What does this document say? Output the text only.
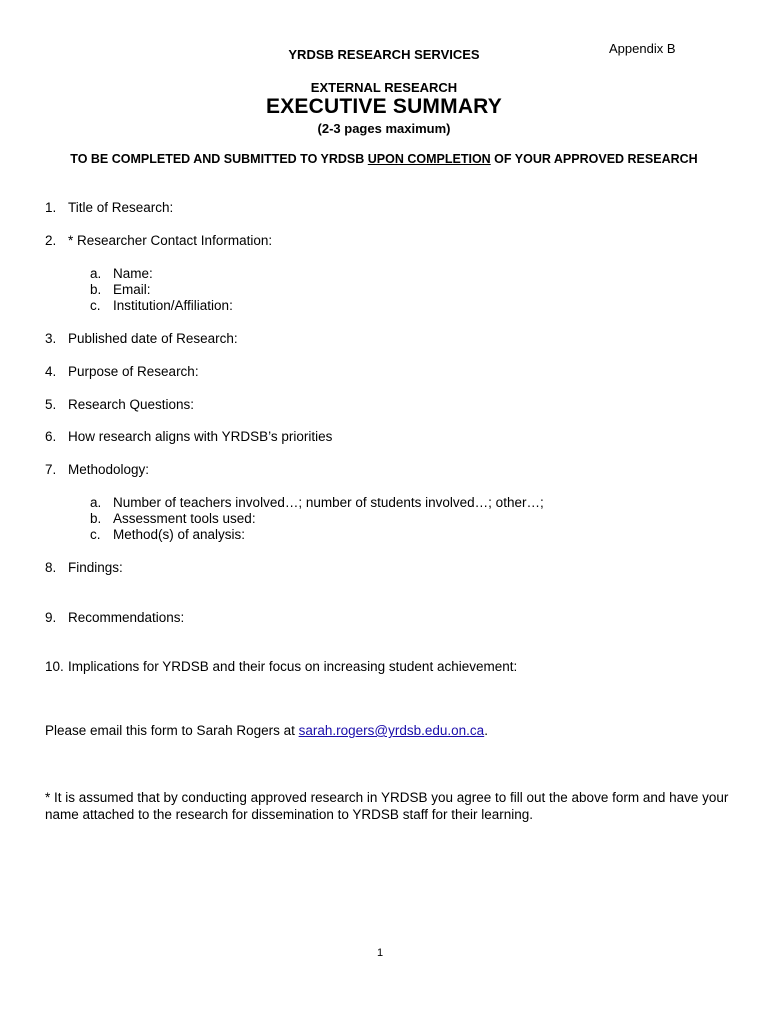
Appendix B
YRDSB RESEARCH SERVICES
EXTERNAL RESEARCH
EXECUTIVE SUMMARY
(2-3 pages maximum)
TO BE COMPLETED AND SUBMITTED TO YRDSB UPON COMPLETION OF YOUR APPROVED RESEARCH
1. Title of Research:
2. * Researcher Contact Information:
a. Name:
b. Email:
c. Institution/Affiliation:
3. Published date of Research:
4. Purpose of Research:
5. Research Questions:
6. How research aligns with YRDSB’s priorities
7. Methodology:
a. Number of teachers involved…; number of students involved…; other…;
b. Assessment tools used:
c. Method(s) of analysis:
8. Findings:
9. Recommendations:
10. Implications for YRDSB and their focus on increasing student achievement:
Please email this form to Sarah Rogers at sarah.rogers@yrdsb.edu.on.ca.
* It is assumed that by conducting approved research in YRDSB you agree to fill out the above form and have your name attached to the research for dissemination to YRDSB staff for their learning.
1
